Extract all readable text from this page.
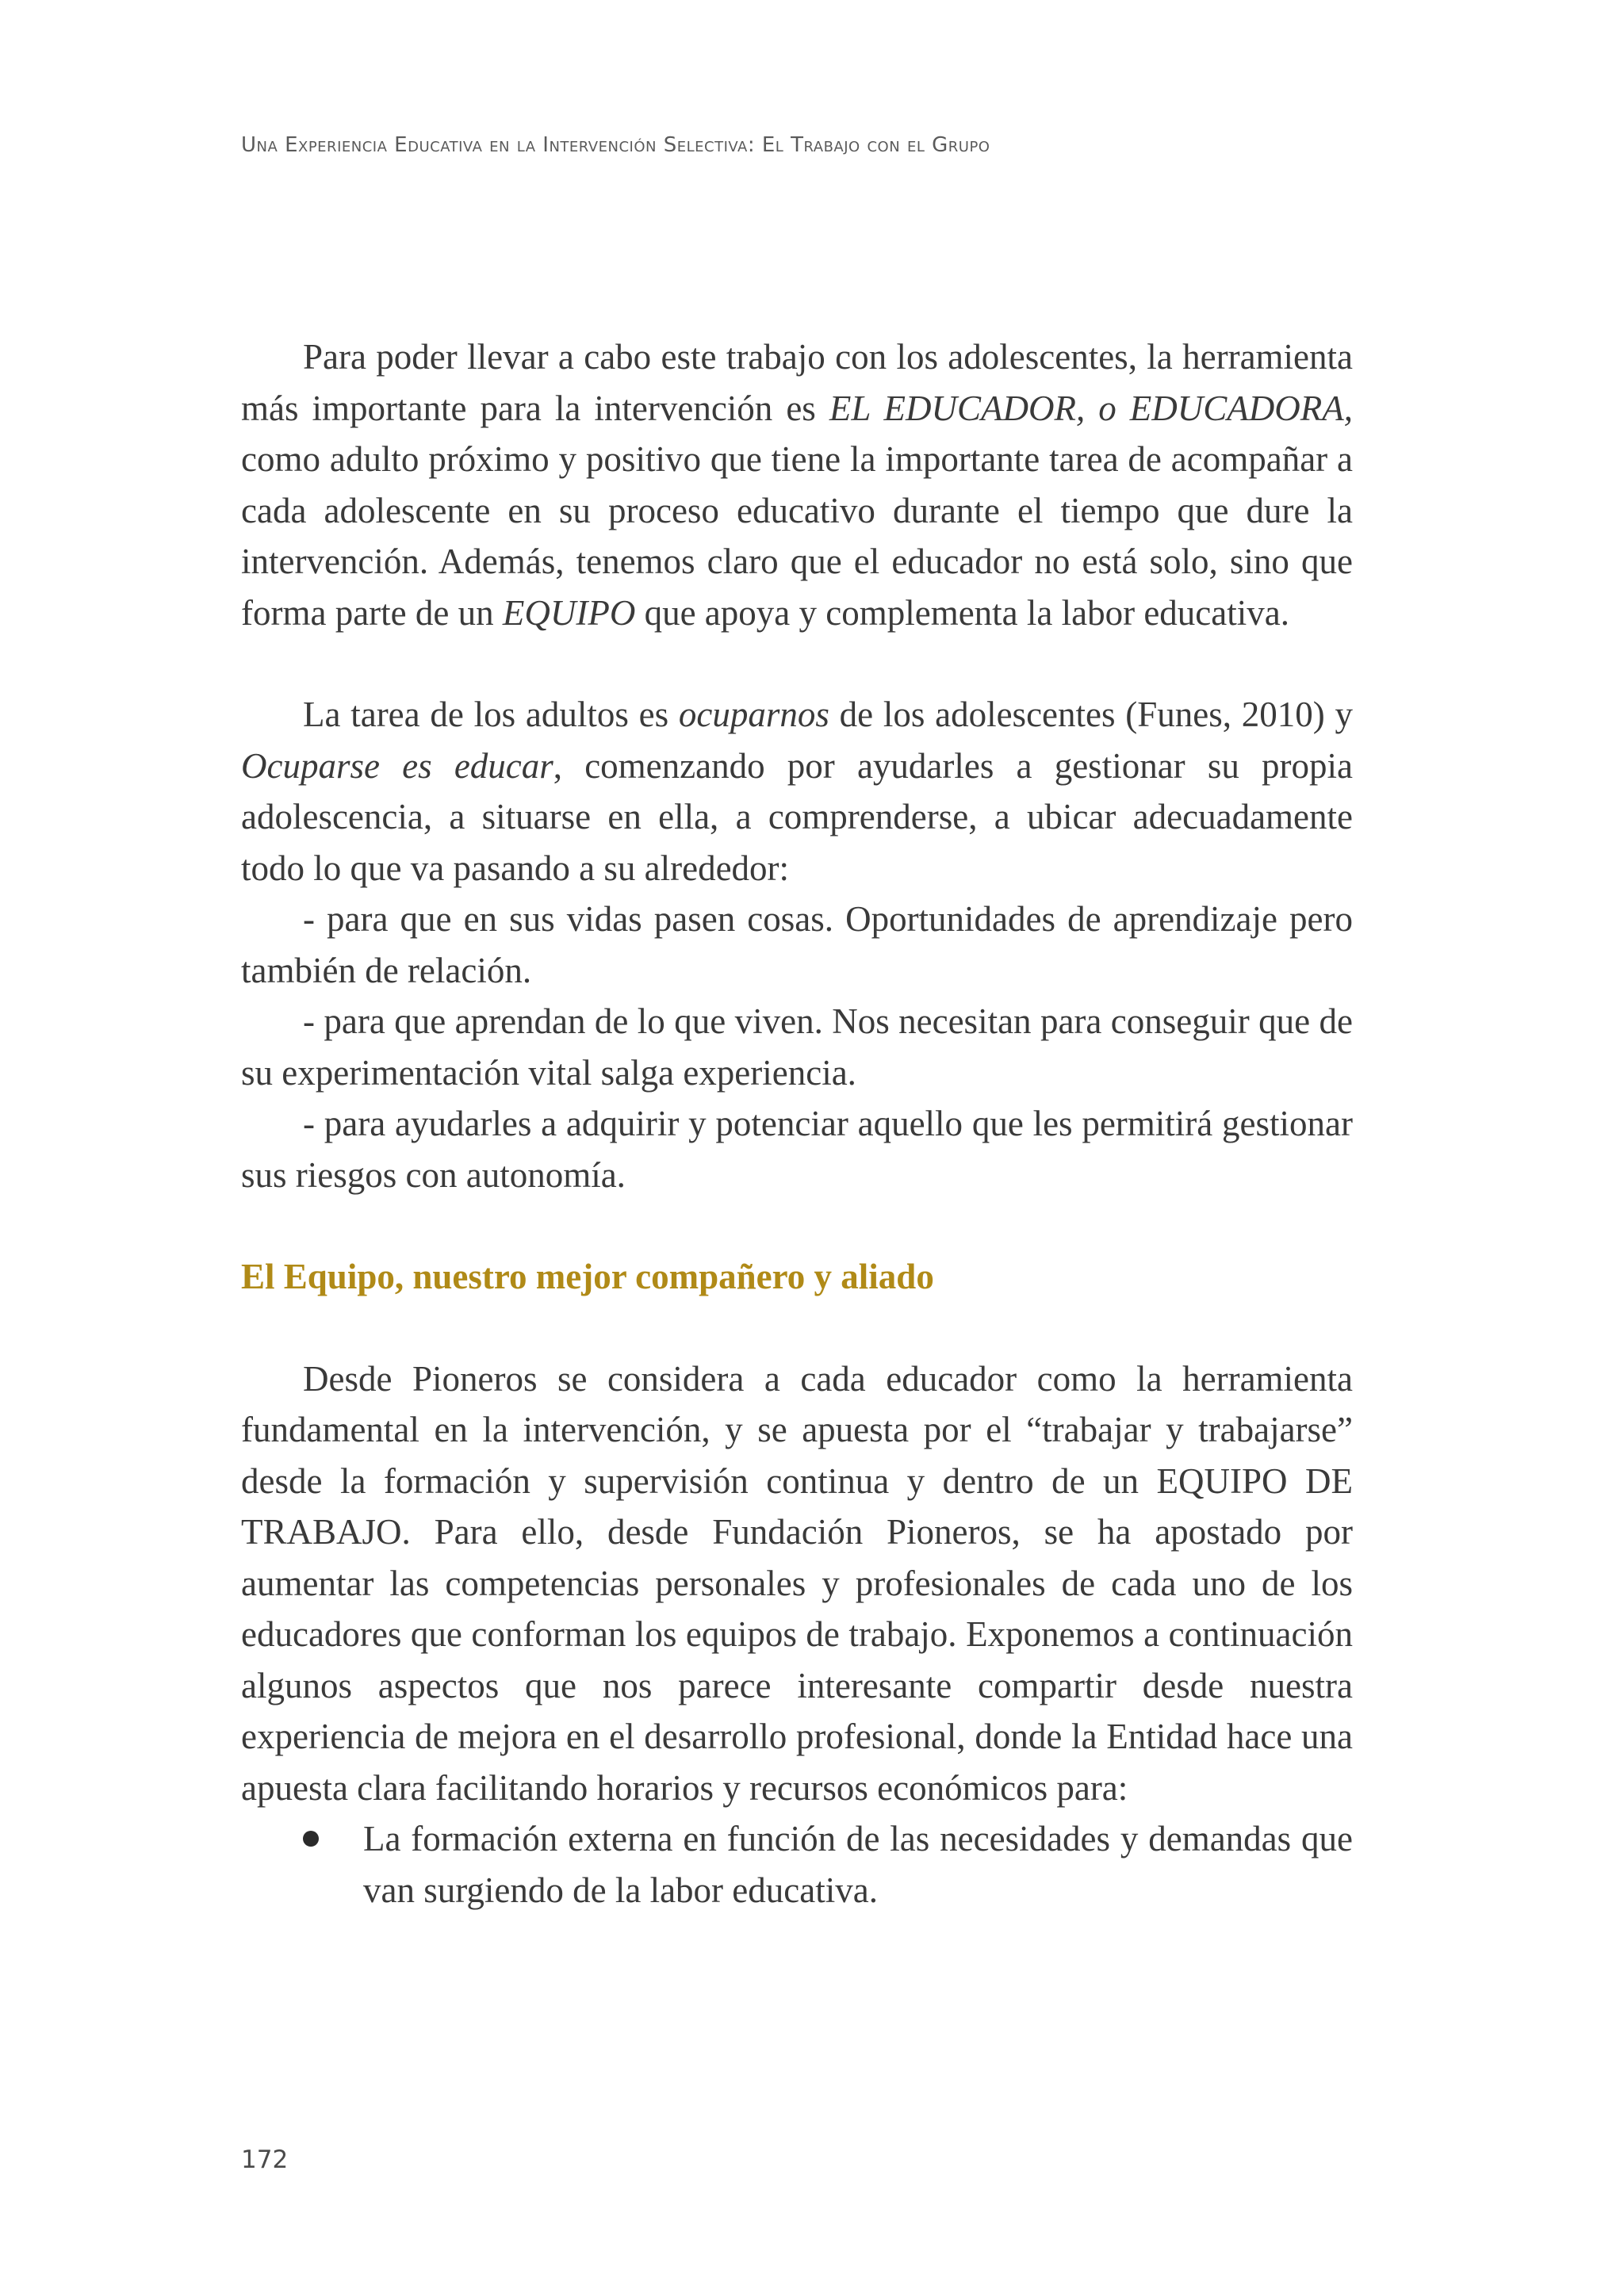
Una Experiencia Educativa en la Intervención Selectiva: El Trabajo con el Grupo

Para poder llevar a cabo este trabajo con los adolescentes, la herramienta más importante para la intervención es EL EDUCADOR, o EDUCADORA, como adulto próximo y positivo que tiene la importante tarea de acompañar a cada adolescente en su proceso educativo durante el tiempo que dure la intervención. Además, tenemos claro que el educador no está solo, sino que forma parte de un EQUIPO que apoya y complementa la labor educativa.

La tarea de los adultos es ocuparnos de los adolescentes (Funes, 2010) y Ocuparse es educar, comenzando por ayudarles a gestionar su propia adolescencia, a situarse en ella, a comprenderse, a ubicar adecuadamente todo lo que va pasando a su alrededor:

- para que en sus vidas pasen cosas. Oportunidades de aprendizaje pero también de relación.

- para que aprendan de lo que viven. Nos necesitan para conseguir que de su experimentación vital salga experiencia.

- para ayudarles a adquirir y potenciar aquello que les permitirá gestionar sus riesgos con autonomía.

El Equipo, nuestro mejor compañero y aliado

Desde Pioneros se considera a cada educador como la herramienta fundamental en la intervención, y se apuesta por el “trabajar y trabajarse” desde la formación y supervisión continua y dentro de un EQUIPO DE TRABAJO. Para ello, desde Fundación Pioneros, se ha apostado por aumentar las competencias personales y profesionales de cada uno de los educadores que conforman los equipos de trabajo. Exponemos a continuación algunos aspectos que nos parece interesante compartir desde nuestra experiencia de mejora en el desarrollo profesional, donde la Entidad hace una apuesta clara facilitando horarios y recursos económicos para:

La formación externa en función de las necesidades y demandas que van surgiendo de la labor educativa.

172
